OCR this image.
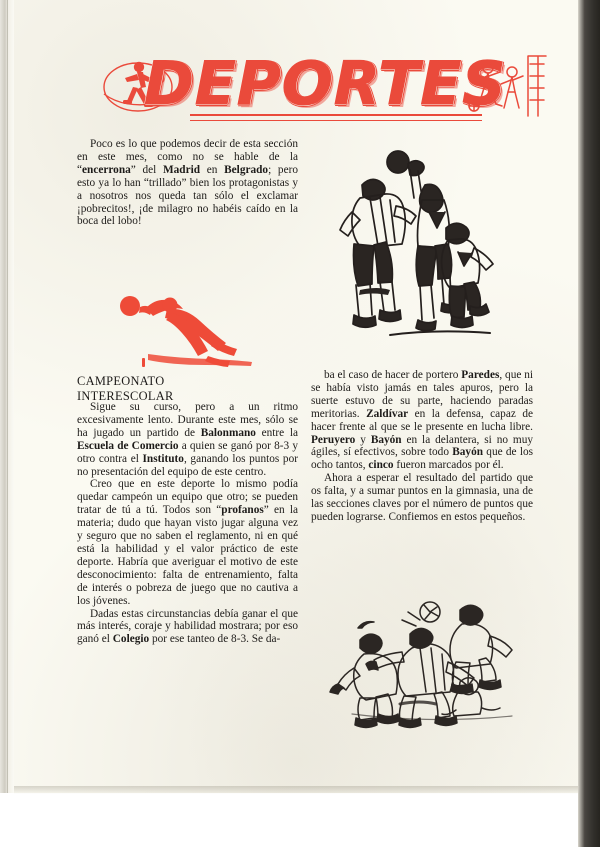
DEPORTES

Poco es lo que podemos decir de esta sección en este mes, como no se hable de la “encerrona” del Madrid en Belgrado; pero esto ya lo han “trillado” bien los protagonistas y a nosotros nos queda tan sólo el exclamar ¡pobrecitos!, ¡de milagro no habéis caído en la boca del lobo!

CAMPEONATO
INTERESCOLAR

Sigue su curso, pero a un ritmo excesivamente lento. Durante este mes, sólo se ha jugado un partido de Balonmano entre la Escuela de Comercio a quien se ganó por 8-3 y otro contra el Instituto, ganando los puntos por no presentación del equipo de este centro.

Creo que en este deporte lo mismo podía quedar campeón un equipo que otro; se pueden tratar de tú a tú. Todos son “profanos” en la materia; dudo que hayan visto jugar alguna vez y seguro que no saben el reglamento, ni en qué está la habilidad y el valor práctico de este deporte. Habría que averiguar el motivo de este desconocimiento: falta de entrenamiento, falta de interés o pobreza de juego que no cautiva a los jóvenes.

Dadas estas circunstancias debía ganar el que más interés, coraje y habilidad mostrara; por eso ganó el Colegio por ese tanteo de 8-3. Se da-

ba el caso de hacer de portero Paredes, que ni se había visto jamás en tales apuros, pero la suerte estuvo de su parte, haciendo paradas meritorias. Zaldívar en la defensa, capaz de hacer frente al que se le presente en lucha libre. Peruyero y Bayón en la delantera, si no muy ágiles, sí efectivos, sobre todo Bayón que de los ocho tantos, cinco fueron marcados por él.

Ahora a esperar el resultado del partido que os falta, y a sumar puntos en la gimnasia, una de las secciones claves por el número de puntos que pueden lograrse. Confiemos en estos pequeños.
